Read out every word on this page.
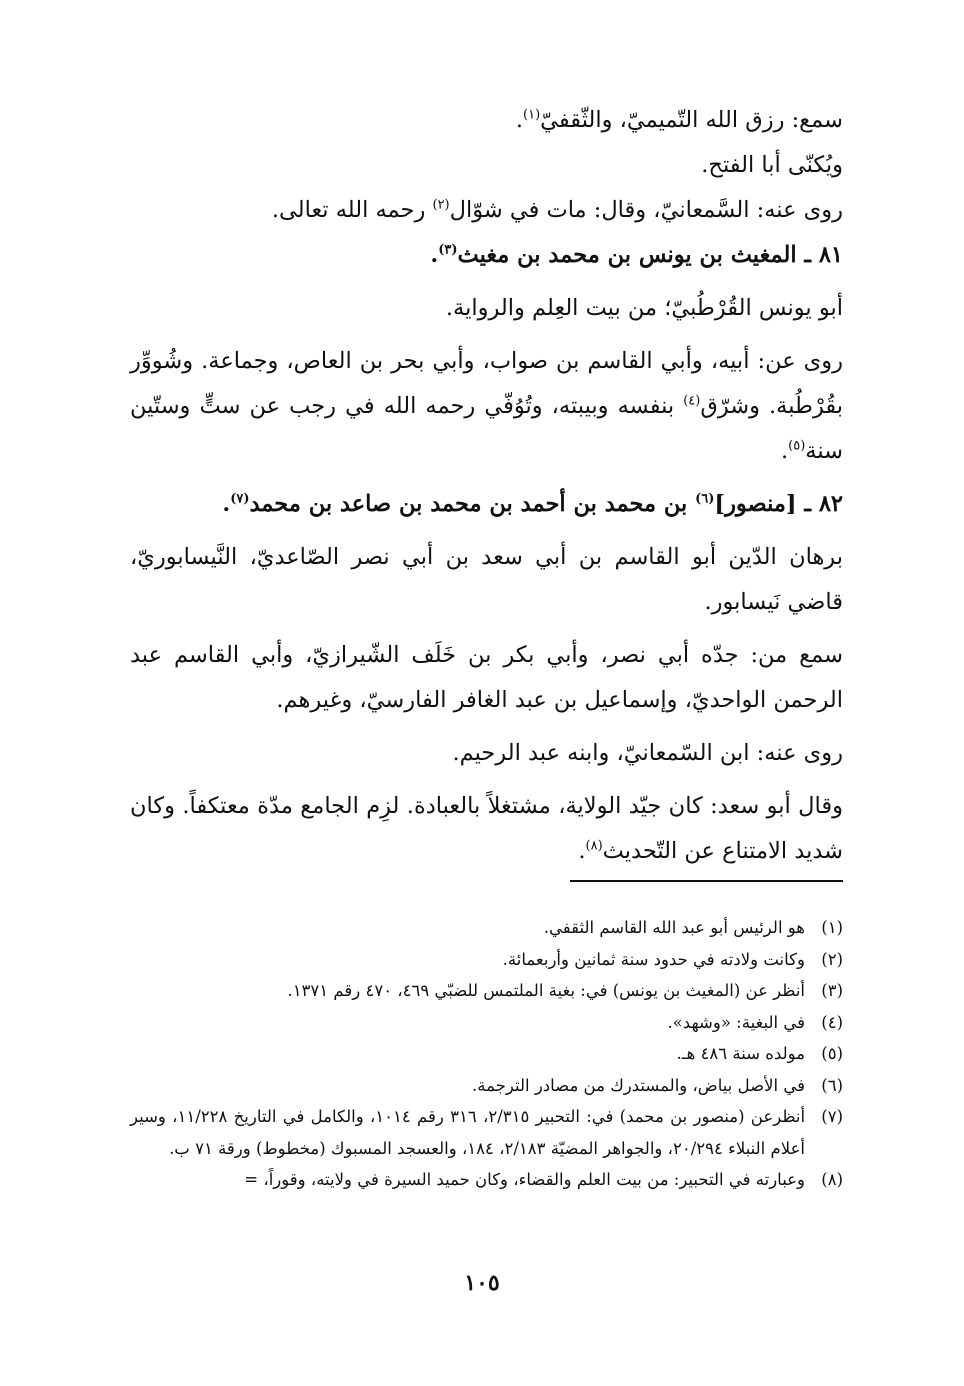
سمع: رزق الله التّميميّ، والثّقفيّ$^{(١)}$.

ويُكنّى أبا الفتح.

روى عنه: السَّمعانيّ، وقال: مات في شوّال$^{(٢)}$ رحمه الله تعالى.

٨١ ـ المغيث بن يونس بن محمد بن مغيث$^{(٣)}$.

أبو يونس القُرْطُبيّ؛ من بيت العِلم والرواية.

روى عن: أبيه، وأبي القاسم بن صواب، وأبي بحر بن العاص، وجماعة. وشُووِّر بقُرْطُبة. وشرّق$^{(٤)}$ بنفسه وبيبته، وتُوُفّي رحمه الله في رجب عن ستٍّ وستّين سنة$^{(٥)}$.

٨٢ ـ [منصور]$^{(٦)}$ بن محمد بن أحمد بن محمد بن صاعد بن محمد$^{(٧)}$.

برهان الدّين أبو القاسم بن أبي سعد بن أبي نصر الصّاعديّ، النَّيسابوريّ، قاضي نَيسابور.

سمع من: جدّه أبي نصر، وأبي بكر بن خَلَف الشّيرازيّ، وأبي القاسم عبد الرحمن الواحديّ، وإسماعيل بن عبد الغافر الفارسيّ، وغيرهم.

روى عنه: ابن السّمعانيّ، وابنه عبد الرحيم.

وقال أبو سعد: كان جيّد الولاية، مشتغلاً بالعبادة. لزِم الجامع مدّة معتكفاً. وكان شديد الامتناع عن التّحديث$^{(٨)}$.

(١)
هو الرئيس أبو عبد الله القاسم الثقفي.
(٢)
وكانت ولادته في حدود سنة ثمانين وأربعمائة.
(٣)
أنظر عن (المغيث بن يونس) في: بغية الملتمس للضبّي ٤٦٩، ٤٧٠ رقم ١٣٧١.
(٤)
في البغية: «وشهد».
(٥)
مولده سنة ٤٨٦ هـ.
(٦)
في الأصل بياض، والمستدرك من مصادر الترجمة.
(٧)
أنظرعن (منصور بن محمد) في: التحبير ٢/٣١٥، ٣١٦ رقم ١٠١٤، والكامل في التاريخ ١١/٢٢٨، وسير أعلام النبلاء ٢٠/٢٩٤، والجواهر المضيّة ٢/١٨٣، ١٨٤، والعسجد المسبوك (مخطوط) ورقة ٧١ ب.
(٨)
وعبارته في التحبير: من بيت العلم والقضاء، وكان حميد السيرة في ولايته، وقوراً، =
١٠٥
